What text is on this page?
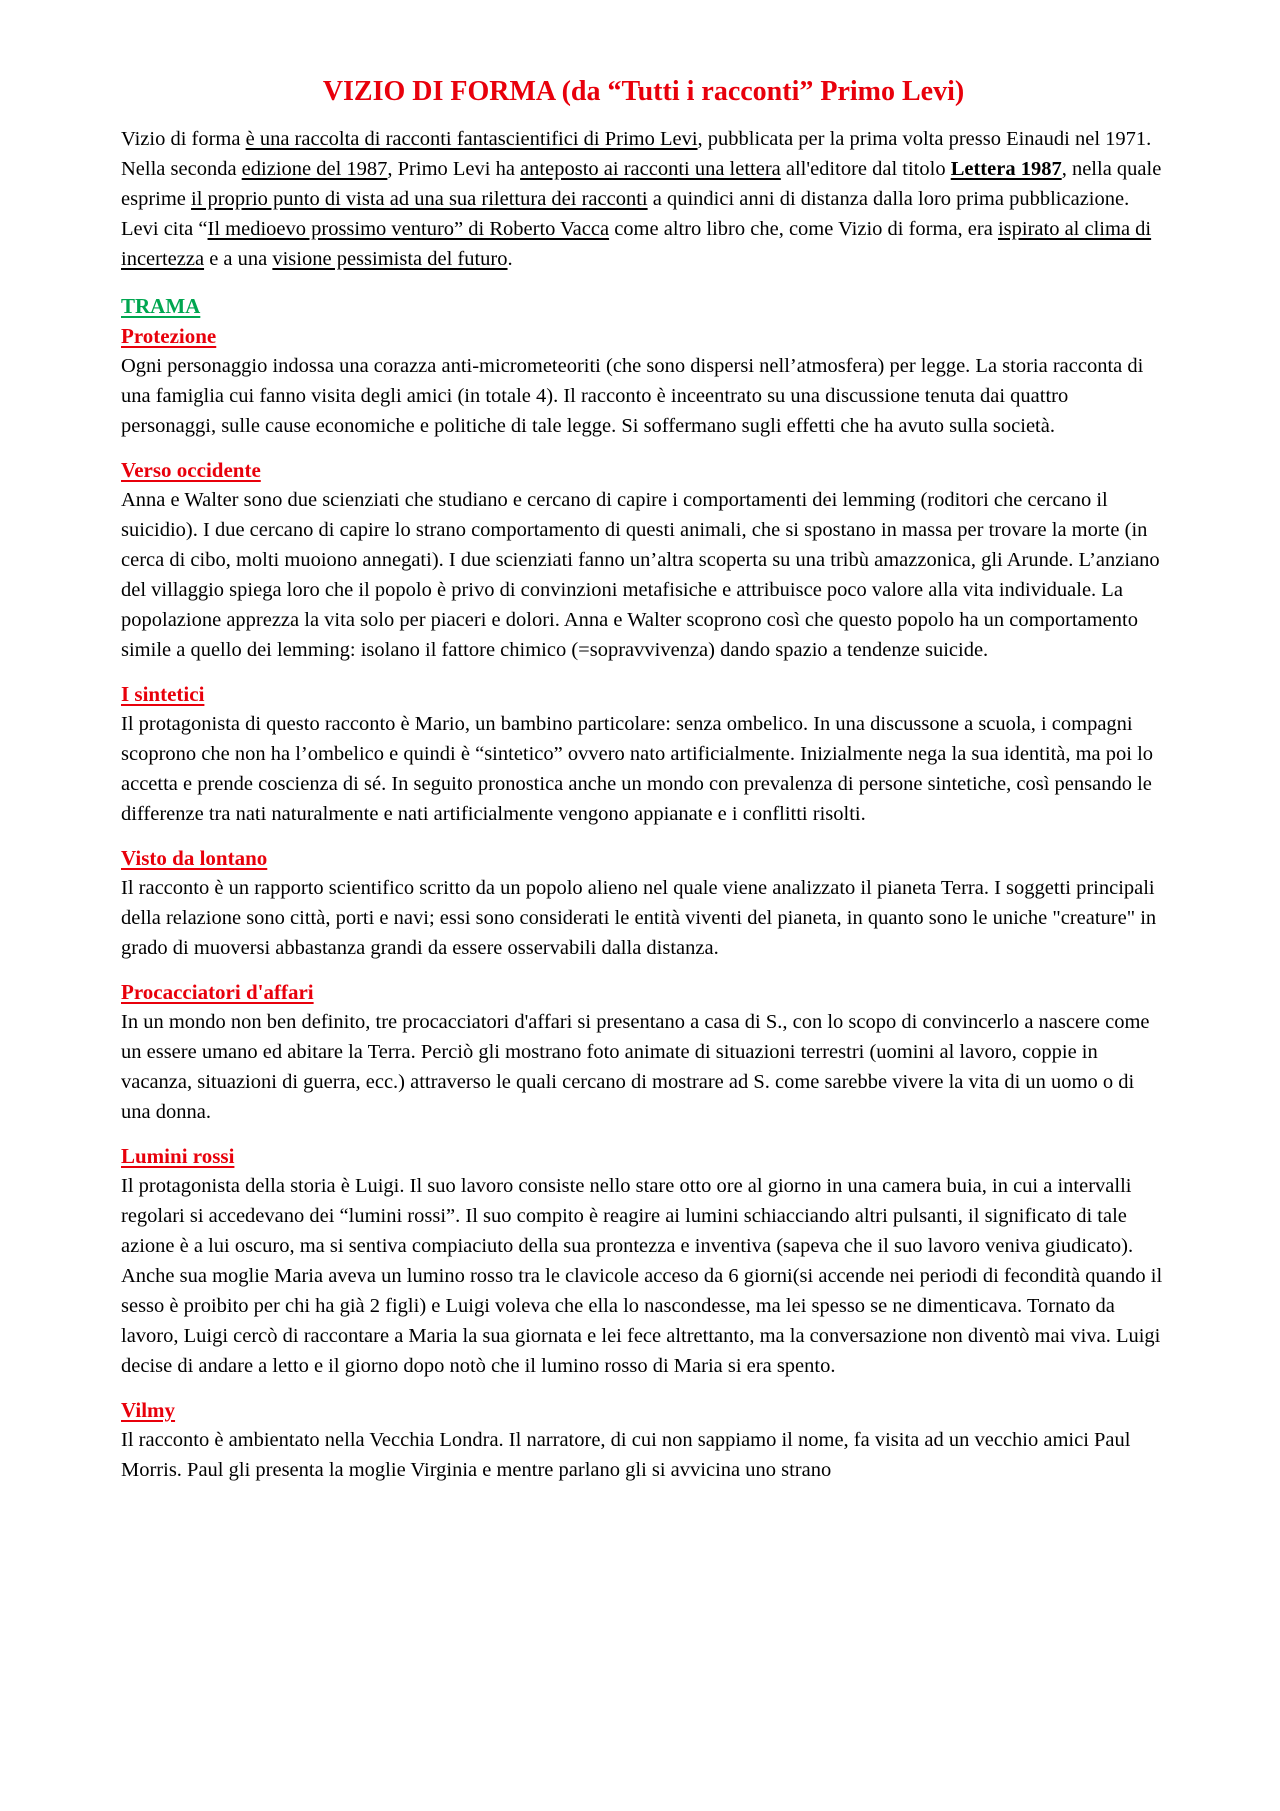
VIZIO DI FORMA (da “Tutti i racconti” Primo Levi)

Vizio di forma è una raccolta di racconti fantascientifici di Primo Levi, pubblicata per la prima volta presso Einaudi nel 1971.

Nella seconda edizione del 1987, Primo Levi ha anteposto ai racconti una lettera all'editore dal titolo Lettera 1987, nella quale esprime il proprio punto di vista ad una sua rilettura dei racconti a quindici anni di distanza dalla loro prima pubblicazione. Levi cita “Il medioevo prossimo venturo” di Roberto Vacca come altro libro che, come Vizio di forma, era ispirato al clima di incertezza e a una visione pessimista del futuro.

TRAMA
Protezione

Ogni personaggio indossa una corazza anti-micrometeoriti (che sono dispersi nell’atmosfera) per legge. La storia racconta di una famiglia cui fanno visita degli amici (in totale 4). Il racconto è inceentrato su una discussione tenuta dai quattro personaggi, sulle cause economiche e politiche di tale legge. Si soffermano sugli effetti che ha avuto sulla società.

Verso occidente

Anna e Walter sono due scienziati che studiano e cercano di capire i comportamenti dei lemming (roditori che cercano il suicidio). I due cercano di capire lo strano comportamento di questi animali, che si spostano in massa per trovare la morte (in cerca di cibo, molti muoiono annegati). I due scienziati fanno un’altra scoperta su una tribù amazzonica, gli Arunde. L’anziano del villaggio spiega loro che il popolo è privo di convinzioni metafisiche e attribuisce poco valore alla vita individuale. La popolazione apprezza la vita solo per piaceri e dolori. Anna e Walter scoprono così che questo popolo ha un comportamento simile a quello dei lemming: isolano il fattore chimico (=sopravvivenza) dando spazio a tendenze suicide.

I sintetici

Il protagonista di questo racconto è Mario, un bambino particolare: senza ombelico. In una discussone a scuola, i compagni scoprono che non ha l’ombelico e quindi è “sintetico” ovvero nato artificialmente. Inizialmente nega la sua identità, ma poi lo accetta e prende coscienza di sé. In seguito pronostica anche un mondo con prevalenza di persone sintetiche, così pensando le differenze tra nati naturalmente e nati artificialmente vengono appianate e i conflitti risolti.

Visto da lontano

Il racconto è un rapporto scientifico scritto da un popolo alieno nel quale viene analizzato il pianeta Terra. I soggetti principali della relazione sono città, porti e navi; essi sono considerati le entità viventi del pianeta, in quanto sono le uniche "creature" in grado di muoversi abbastanza grandi da essere osservabili dalla distanza.

Procacciatori d'affari

In un mondo non ben definito, tre procacciatori d'affari si presentano a casa di S., con lo scopo di convincerlo a nascere come un essere umano ed abitare la Terra. Perciò gli mostrano foto animate di situazioni terrestri (uomini al lavoro, coppie in vacanza, situazioni di guerra, ecc.) attraverso le quali cercano di mostrare ad S. come sarebbe vivere la vita di un uomo o di una donna.

Lumini rossi

Il protagonista della storia è Luigi. Il suo lavoro consiste nello stare otto ore al giorno in una camera buia, in cui a intervalli regolari si accedevano dei “lumini rossi”. Il suo compito è reagire ai lumini schiacciando altri pulsanti, il significato di tale azione è a lui oscuro, ma si sentiva compiaciuto della sua prontezza e inventiva (sapeva che il suo lavoro veniva giudicato).

Anche sua moglie Maria aveva un lumino rosso tra le clavicole acceso da 6 giorni(si accende nei periodi di fecondità quando il sesso è proibito per chi ha già 2 figli) e Luigi voleva che ella lo nascondesse, ma lei spesso se ne dimenticava. Tornato da lavoro, Luigi cercò di raccontare a Maria la sua giornata e lei fece altrettanto, ma la conversazione non diventò mai viva. Luigi decise di andare a letto e il giorno dopo notò che il lumino rosso di Maria si era spento.

Vilmy

Il racconto è ambientato nella Vecchia Londra. Il narratore, di cui non sappiamo il nome, fa visita ad un vecchio amici Paul Morris. Paul gli presenta la moglie Virginia e mentre parlano gli si avvicina uno strano
